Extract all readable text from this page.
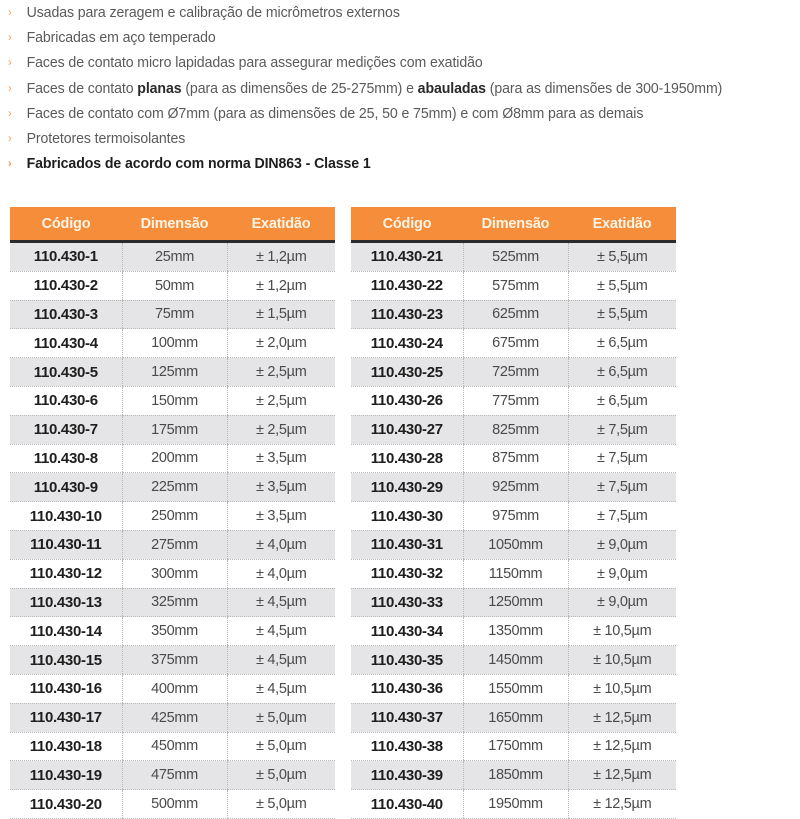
› Usadas para zeragem e calibração de micrômetros externos
› Fabricadas em aço temperado
› Faces de contato micro lapidadas para assegurar medições com exatidão
› Faces de contato planas (para as dimensões de 25-275mm) e abauladas (para as dimensões de 300-1950mm)
› Faces de contato com Ø7mm (para as dimensões de 25, 50 e 75mm) e com Ø8mm para as demais
› Protetores termoisolantes
› Fabricados de acordo com norma DIN863 - Classe 1
Código	Dimensão	Exatidão
110.430-1	25mm	± 1,2µm
110.430-2	50mm	± 1,2µm
110.430-3	75mm	± 1,5µm
110.430-4	100mm	± 2,0µm
110.430-5	125mm	± 2,5µm
110.430-6	150mm	± 2,5µm
110.430-7	175mm	± 2,5µm
110.430-8	200mm	± 3,5µm
110.430-9	225mm	± 3,5µm
110.430-10	250mm	± 3,5µm
110.430-11	275mm	± 4,0µm
110.430-12	300mm	± 4,0µm
110.430-13	325mm	± 4,5µm
110.430-14	350mm	± 4,5µm
110.430-15	375mm	± 4,5µm
110.430-16	400mm	± 4,5µm
110.430-17	425mm	± 5,0µm
110.430-18	450mm	± 5,0µm
110.430-19	475mm	± 5,0µm
110.430-20	500mm	± 5,0µm
Código	Dimensão	Exatidão
110.430-21	525mm	± 5,5µm
110.430-22	575mm	± 5,5µm
110.430-23	625mm	± 5,5µm
110.430-24	675mm	± 6,5µm
110.430-25	725mm	± 6,5µm
110.430-26	775mm	± 6,5µm
110.430-27	825mm	± 7,5µm
110.430-28	875mm	± 7,5µm
110.430-29	925mm	± 7,5µm
110.430-30	975mm	± 7,5µm
110.430-31	1050mm	± 9,0µm
110.430-32	1150mm	± 9,0µm
110.430-33	1250mm	± 9,0µm
110.430-34	1350mm	± 10,5µm
110.430-35	1450mm	± 10,5µm
110.430-36	1550mm	± 10,5µm
110.430-37	1650mm	± 12,5µm
110.430-38	1750mm	± 12,5µm
110.430-39	1850mm	± 12,5µm
110.430-40	1950mm	± 12,5µm
